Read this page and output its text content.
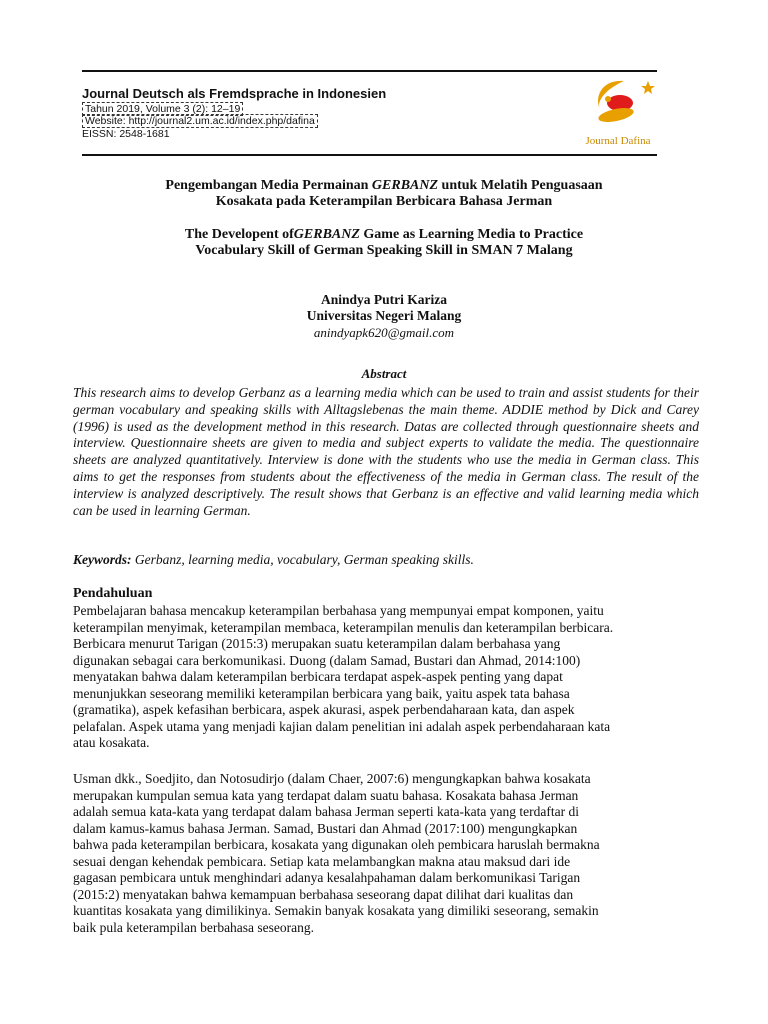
Journal Deutsch als Fremdsprache in Indonesien
Tahun 2019, Volume 3 (2): 12–19
Website: http://journal2.um.ac.id/index.php/dafina
EISSN: 2548-1681
Journal Dafina
Pengembangan Media Permainan GERBANZ untuk Melatih Penguasaan
Kosakata pada Keterampilan Berbicara Bahasa Jerman
The Developent ofGERBANZ Game as Learning Media to Practice
Vocabulary Skill of German Speaking Skill in SMAN 7 Malang
Anindya Putri Kariza
Universitas Negeri Malang
anindyapk620@gmail.com
Abstract
This research aims to develop Gerbanz as a learning media which can be used to train and assist students for their german vocabulary and speaking skills with Alltagslebenas the main theme. ADDIE method by Dick and Carey (1996) is used as the development method in this research. Datas are collected through questionnaire sheets and interview. Questionnaire sheets are given to media and subject experts to validate the media. The questionnaire sheets are analyzed quantitatively. Interview is done with the students who use the media in German class. This aims to get the responses from students about the effectiveness of the media in German class. The result of the interview is analyzed descriptively. The result shows that Gerbanz is an effective and valid learning media which can be used in learning German.
Keywords: Gerbanz, learning media, vocabulary, German speaking skills.
Pendahuluan
Pembelajaran bahasa mencakup keterampilan berbahasa yang mempunyai empat komponen, yaitu
keterampilan menyimak, keterampilan membaca, keterampilan menulis dan keterampilan berbicara.
Berbicara menurut Tarigan (2015:3) merupakan suatu keterampilan dalam berbahasa yang
digunakan sebagai cara berkomunikasi. Duong (dalam Samad, Bustari dan Ahmad, 2014:100)
menyatakan bahwa dalam keterampilan berbicara terdapat aspek-aspek penting yang dapat
menunjukkan seseorang memiliki keterampilan berbicara yang baik, yaitu aspek tata bahasa
(gramatika), aspek kefasihan berbicara, aspek akurasi, aspek perbendaharaan kata, dan aspek
pelafalan. Aspek utama yang menjadi kajian dalam penelitian ini adalah aspek perbendaharaan kata
atau kosakata.
Usman dkk., Soedjito, dan Notosudirjo (dalam Chaer, 2007:6) mengungkapkan bahwa kosakata
merupakan kumpulan semua kata yang terdapat dalam suatu bahasa. Kosakata bahasa Jerman
adalah semua kata-kata yang terdapat dalam bahasa Jerman seperti kata-kata yang terdaftar di
dalam kamus-kamus bahasa Jerman. Samad, Bustari dan Ahmad (2017:100) mengungkapkan
bahwa pada keterampilan berbicara, kosakata yang digunakan oleh pembicara haruslah bermakna
sesuai dengan kehendak pembicara. Setiap kata melambangkan makna atau maksud dari ide
gagasan pembicara untuk menghindari adanya kesalahpahaman dalam berkomunikasi Tarigan
(2015:2) menyatakan bahwa kemampuan berbahasa seseorang dapat dilihat dari kualitas dan
kuantitas kosakata yang dimilikinya. Semakin banyak kosakata yang dimiliki seseorang, semakin
baik pula keterampilan berbahasa seseorang.
